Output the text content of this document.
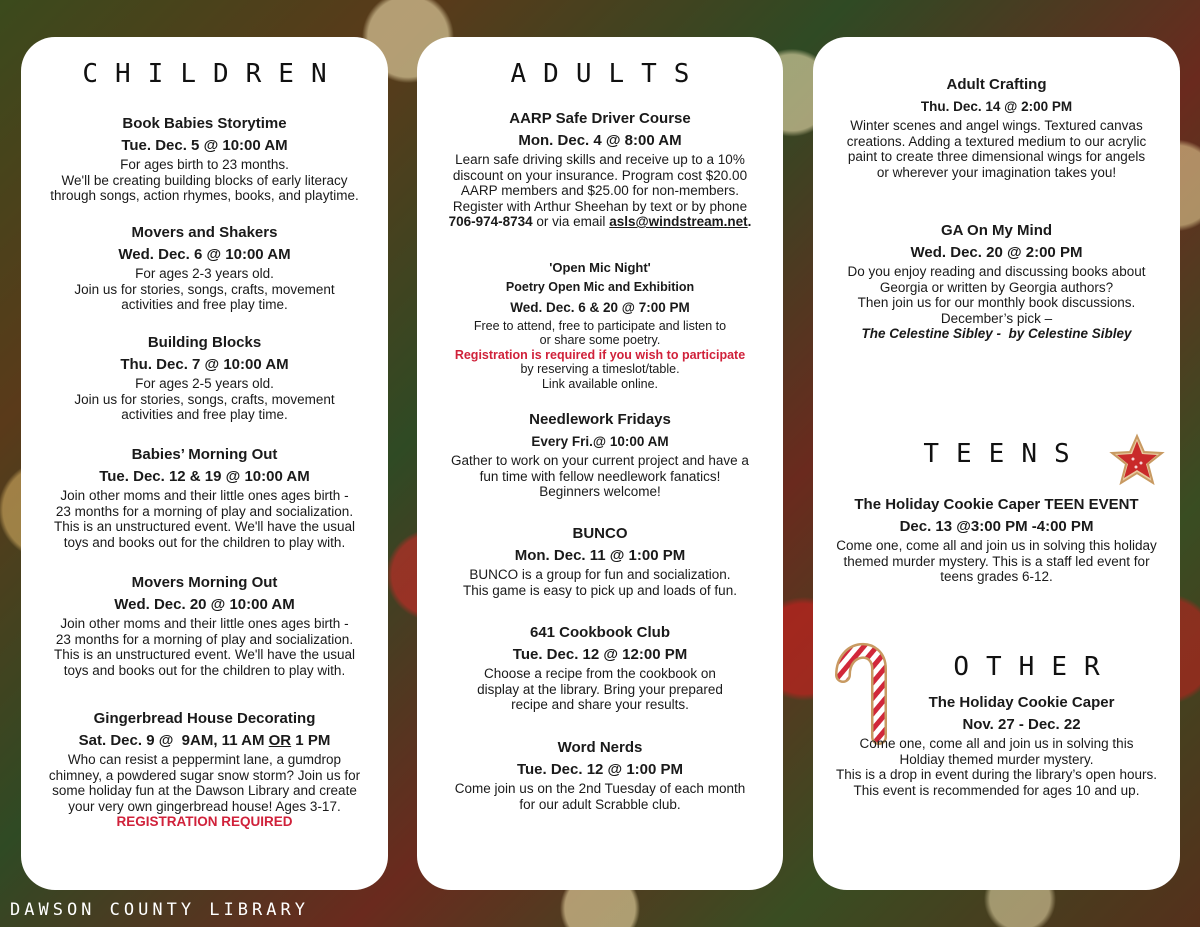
CHILDREN

Book Babies Storytime

Tue. Dec. 5 @ 10:00 AM

For ages birth to 23 months.

We'll be creating building blocks of early literacy

through songs, action rhymes, books, and playtime.

Movers and Shakers

Wed. Dec. 6 @ 10:00 AM

For ages 2-3 years old.

Join us for stories, songs, crafts, movement

activities and free play time.

Building Blocks

Thu. Dec. 7 @ 10:00 AM

For ages 2-5 years old.

Join us for stories, songs, crafts, movement

activities and free play time.

Babies’ Morning Out

Tue. Dec. 12 & 19 @ 10:00 AM

Join other moms and their little ones ages birth -

23 months for a morning of play and socialization.

This is an unstructured event. We'll have the usual

toys and books out for the children to play with.

Movers Morning Out

Wed. Dec. 20 @ 10:00 AM

Join other moms and their little ones ages birth -

23 months for a morning of play and socialization.

This is an unstructured event. We'll have the usual

toys and books out for the children to play with.

Gingerbread House Decorating

Sat. Dec. 9 @  9AM, 11 AM OR 1 PM

Who can resist a peppermint lane, a gumdrop

chimney, a powdered sugar snow storm? Join us for

some holiday fun at the Dawson Library and create

your very own gingerbread house! Ages 3-17.

REGISTRATION REQUIRED

ADULTS

AARP Safe Driver Course

Mon. Dec. 4 @ 8:00 AM

Learn safe driving skills and receive up to a 10%

discount on your insurance. Program cost $20.00

AARP members and $25.00 for non-members.

Register with Arthur Sheehan by text or by phone

706-974-8734 or via email asls@windstream.net.

'Open Mic Night'

Poetry Open Mic and Exhibition

Wed. Dec. 6 & 20 @ 7:00 PM

Free to attend, free to participate and listen to

or share some poetry.

Registration is required if you wish to participate

by reserving a timeslot/table.

Link available online.

Needlework Fridays

Every Fri.@ 10:00 AM

Gather to work on your current project and have a

fun time with fellow needlework fanatics!

Beginners welcome!

BUNCO

Mon. Dec. 11 @ 1:00 PM

BUNCO is a group for fun and socialization.

This game is easy to pick up and loads of fun.

641 Cookbook Club

Tue. Dec. 12 @ 12:00 PM

Choose a recipe from the cookbook on

display at the library. Bring your prepared

recipe and share your results.

Word Nerds

Tue. Dec. 12 @ 1:00 PM

Come join us on the 2nd Tuesday of each month

for our adult Scrabble club.

Adult Crafting

Thu. Dec. 14 @ 2:00 PM

Winter scenes and angel wings. Textured canvas

creations. Adding a textured medium to our acrylic

paint to create three dimensional wings for angels

or wherever your imagination takes you!

GA On My Mind

Wed. Dec. 20 @ 2:00 PM

Do you enjoy reading and discussing books about

Georgia or written by Georgia authors?

Then join us for our monthly book discussions.

December’s pick –

The Celestine Sibley -  by Celestine Sibley

TEENS

The Holiday Cookie Caper TEEN EVENT

Dec. 13 @3:00 PM -4:00 PM

Come one, come all and join us in solving this holiday

themed murder mystery. This is a staff led event for

teens grades 6-12.

OTHER

The Holiday Cookie Caper

Nov. 27 - Dec. 22

Come one, come all and join us in solving this

Holdiay themed murder mystery.

This is a drop in event during the library’s open hours.

This event is recommended for ages 10 and up.

DAWSON COUNTY LIBRARY
